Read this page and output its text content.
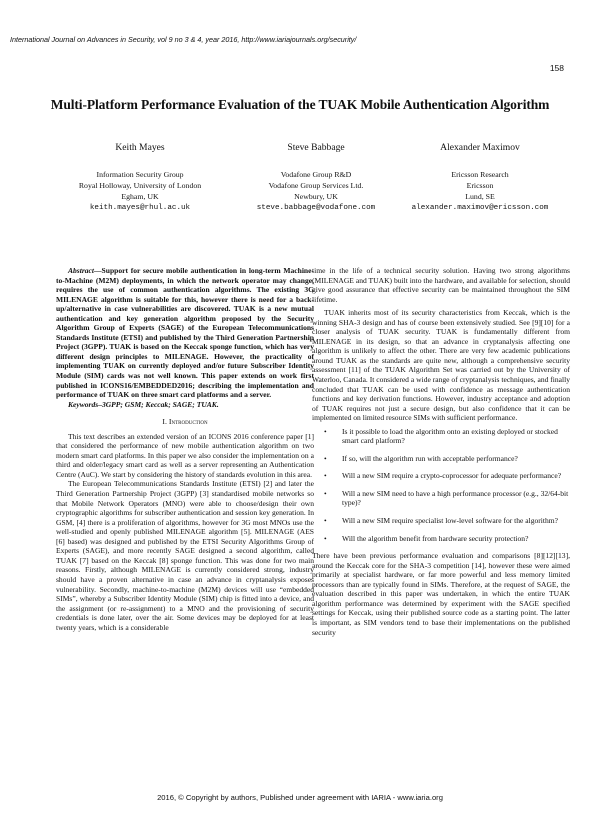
International Journal on Advances in Security, vol 9 no 3 & 4, year 2016, http://www.iariajournals.org/security/
158
Multi-Platform Performance Evaluation of the TUAK Mobile Authentication Algorithm
Keith Mayes
Information Security Group
Royal Holloway, University of London
Egham, UK
keith.mayes@rhul.ac.uk
Steve Babbage
Vodafone Group R&D
Vodafone Group Services Ltd.
Newbury, UK
steve.babbage@vodafone.com
Alexander Maximov
Ericsson Research
Ericsson
Lund, SE
alexander.maximov@ericsson.com

Abstract—Support for secure mobile authentication in long-term Machine-to-Machine (M2M) deployments, in which the network operator may change, requires the use of common authentication algorithms. The existing 3G MILENAGE algorithm is suitable for this, however there is need for a back-up/alternative in case vulnerabilities are discovered. TUAK is a new mutual authentication and key generation algorithm proposed by the Security Algorithm Group of Experts (SAGE) of the European Telecommunications Standards Institute (ETSI) and published by the Third Generation Partnership Project (3GPP). TUAK is based on the Keccak sponge function, which has very different design principles to MILENAGE. However, the practicality of implementing TUAK on currently deployed and/or future Subscriber Identity Module (SIM) cards was not well known. This paper extends on work first published in ICONS16/EMBEDDED2016; describing the implementation and performance of TUAK on three smart card platforms and a server.

Keywords–3GPP; GSM; Keccak; SAGE; TUAK.

I. Introduction

This text describes an extended version of an ICONS 2016 conference paper [1] that considered the performance of new mobile authentication algorithm on two modern smart card platforms. In this paper we also consider the implementation on a third and older/legacy smart card as well as a server representing an Authentication Centre (AuC). We start by considering the history of standards evolution in this area.

The European Telecommunications Standards Institute (ETSI) [2] and later the Third Generation Partnership Project (3GPP) [3] standardised mobile networks so that Mobile Network Operators (MNO) were able to choose/design their own cryptographic algorithms for subscriber authentication and session key generation. In GSM, [4] there is a proliferation of algorithms, however for 3G most MNOs use the well-studied and openly published MILENAGE algorithm [5]. MILENAGE (AES [6] based) was designed and published by the ETSI Security Algorithms Group of Experts (SAGE), and more recently SAGE designed a second algorithm, called TUAK [7] based on the Keccak [8] sponge function. This was done for two main reasons. Firstly, although MILENAGE is currently considered strong, industry should have a proven alternative in case an advance in cryptanalysis exposes vulnerability. Secondly, machine-to-machine (M2M) devices will use “embedded SIMs”, whereby a Subscriber Identity Module (SIM) chip is fitted into a device, and the assignment (or re-assignment) to a MNO and the provisioning of security credentials is done later, over the air. Some devices may be deployed for at least twenty years, which is a considerable

time in the life of a technical security solution. Having two strong algorithms (MILENAGE and TUAK) built into the hardware, and available for selection, should give good assurance that effective security can be maintained throughout the SIM lifetime.

TUAK inherits most of its security characteristics from Keccak, which is the winning SHA-3 design and has of course been extensively studied. See [9][10] for a closer analysis of TUAK security. TUAK is fundamentally different from MILENAGE in its design, so that an advance in cryptanalysis affecting one algorithm is unlikely to affect the other. There are very few academic publications around TUAK as the standards are quite new, although a comprehensive security assessment [11] of the TUAK Algorithm Set was carried out by the University of Waterloo, Canada. It considered a wide range of cryptanalysis techniques, and finally concluded that TUAK can be used with confidence as message authentication functions and key derivation functions. However, industry acceptance and adoption of TUAK requires not just a secure design, but also confidence that it can be implemented on limited resource SIMs with sufficient performance.

• Is it possible to load the algorithm onto an existing deployed or stocked smart card platform?
• If so, will the algorithm run with acceptable performance?
• Will a new SIM require a crypto-coprocessor for adequate performance?
• Will a new SIM need to have a high performance processor (e.g., 32/64-bit type)?
• Will a new SIM require specialist low-level software for the algorithm?
• Will the algorithm benefit from hardware security protection?

There have been previous performance evaluation and comparisons [8][12][13], around the Keccak core for the SHA-3 competition [14], however these were aimed primarily at specialist hardware, or far more powerful and less memory limited processors than are typically found in SIMs. Therefore, at the request of SAGE, the evaluation described in this paper was undertaken, in which the entire TUAK algorithm performance was determined by experiment with the SAGE specified settings for Keccak, using their published source code as a starting point. The latter is important, as SIM vendors tend to base their implementations on the published security

2016, © Copyright by authors, Published under agreement with IARIA - www.iaria.org
